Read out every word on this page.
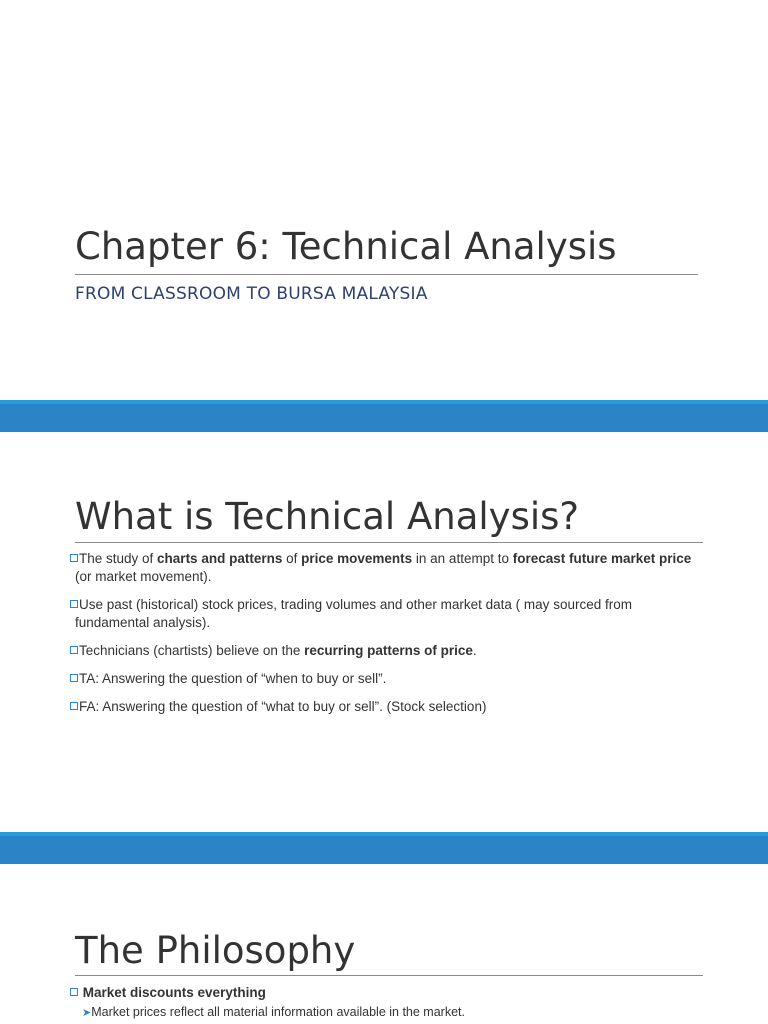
Chapter 6: Technical Analysis
FROM CLASSROOM TO BURSA MALAYSIA
What is Technical Analysis?
The study of charts and patterns of price movements in an attempt to forecast future market price (or market movement).
Use past (historical) stock prices, trading volumes and other market data ( may sourced from fundamental analysis).
Technicians (chartists) believe on the recurring patterns of price.
TA: Answering the question of “when to buy or sell”.
FA: Answering the question of “what to buy or sell”. (Stock selection)
The Philosophy
Market discounts everything
➤Market prices reflect all material information available in the market.
